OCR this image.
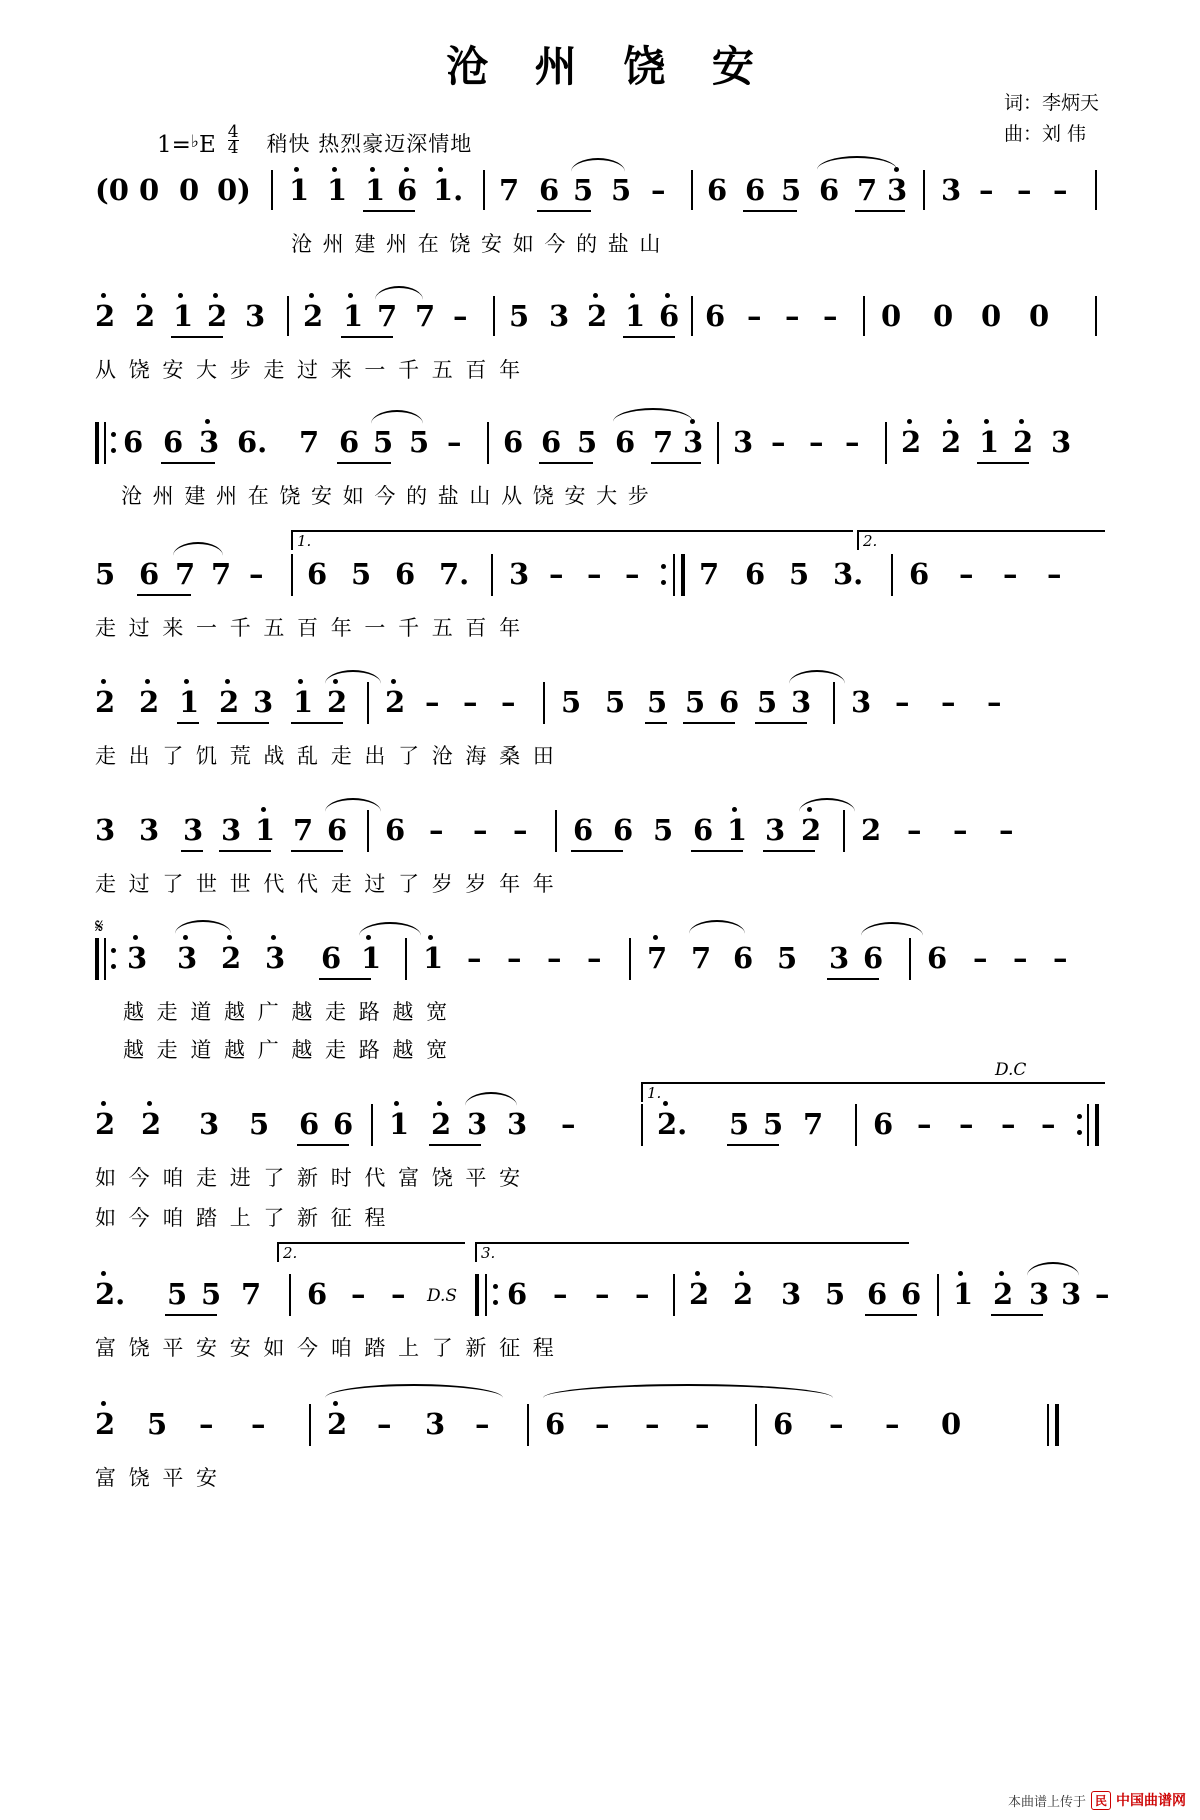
沧 州 饶 安
词：李炳天
曲：刘 伟
$1=^♭E \frac{4}{4}$ 稍快 热烈豪迈深情地
(0 0 0 0) 1 1 1 6 1. 7 6 5 5 – 6 6 5 6 7 3 3 – – –
沧 州 建 州 在 饶 安 如 今 的 盐 山
2 2 1 2 3 2 1 7 7 – 5 3 2 1 6 6 – – – 0 0 0 0
从 饶 安 大 步 走 过 来 一 千 五 百 年
6 6 3 6. 7 6 5 5 – 6 6 5 6 7 3 3 – – – 2 2 1 2 3
沧 州 建 州 在 饶 安 如 今 的 盐 山 从 饶 安 大 步
1.	2.
5 6 7 7 – 6 5 6 7. 3 – – – 7 6 5 3. 6 – – –
走 过 来 一 千 五 百 年 一 千 五 百 年
2 2 1 2 3 1 2 2 – – – 5 5 5 5 6 5 3 3 – – –
走 出 了 饥 荒 战 乱 走 出 了 沧 海 桑 田
3 3 3 3 1 7 6 6 – – – 6 6 5 6 1 3 2 2 – – –
走 过 了 世 世 代 代 走 过 了 岁 岁 年 年
𝄋
3 3 2 3 6 1 1 – – – – 7 7 6 5 3 6 6 – – –
越 走 道 越 广 越 走 路 越 宽
越 走 道 越 广 越 走 路 越 宽
D.C
1.
2 2 3 5 6 6 1 2 3 3 –	2. 5 5 7 6 – – – –
如 今 咱 走 进 了 新 时 代 富 饶 平 安
如 今 咱 踏 上 了 新 征 程
2.	3.
2. 5 5 7 6 – – D.S 6 – – – 2 2 3 5 6 6 1 2 3 3 –
富 饶 平 安 安 如 今 咱 踏 上 了 新 征 程
2 5 – – 2 – 3 – 6 – – – 6 – – 0
富 饶 平 安
本曲谱上传于 民 中国曲谱网
